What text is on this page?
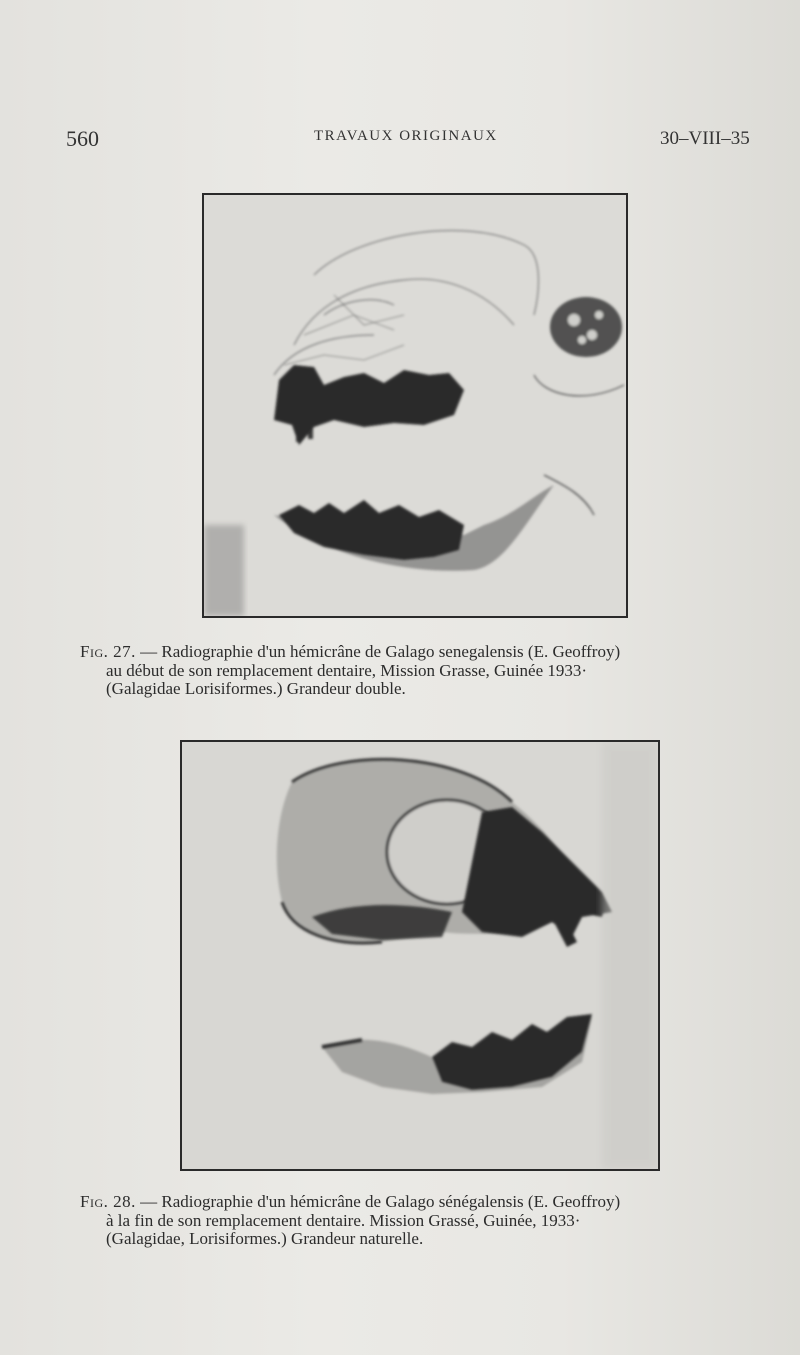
560	TRAVAUX ORIGINAUX	30–VIII–35
Fig. 27. — Radiographie d'un hémicrâne de Galago senegalensis (E. Geoffroy)
au début de son remplacement dentaire, Mission Grasse, Guinée 1933·
(Galagidae Lorisiformes.) Grandeur double.
Fig. 28. — Radiographie d'un hémicrâne de Galago sénégalensis (E. Geoffroy)
à la fin de son remplacement dentaire. Mission Grassé, Guinée, 1933·
(Galagidae, Lorisiformes.) Grandeur naturelle.
